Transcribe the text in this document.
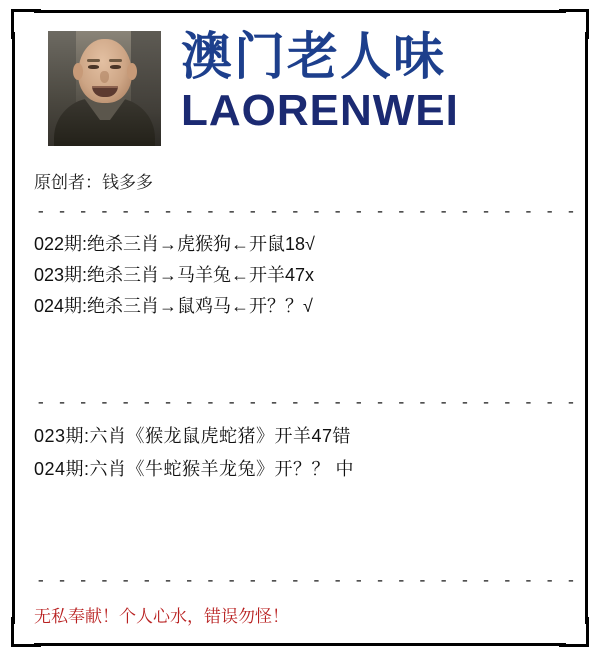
澳门老人味
LAORENWEI
原创者：钱多多
- - - - - - - - - - - - - - - - - - - - - - - - - -
022期:绝杀三肖→虎猴狗←开鼠18√
023期:绝杀三肖→马羊兔←开羊47x
024期:绝杀三肖→鼠鸡马←开？？√
- - - - - - - - - - - - - - - - - - - - - - - - - -
023期:六肖《猴龙鼠虎蛇猪》开羊47错
024期:六肖《牛蛇猴羊龙兔》开？？ 中
- - - - - - - - - - - - - - - - - - - - - - - - - -
无私奉献！个人心水，错误勿怪！
